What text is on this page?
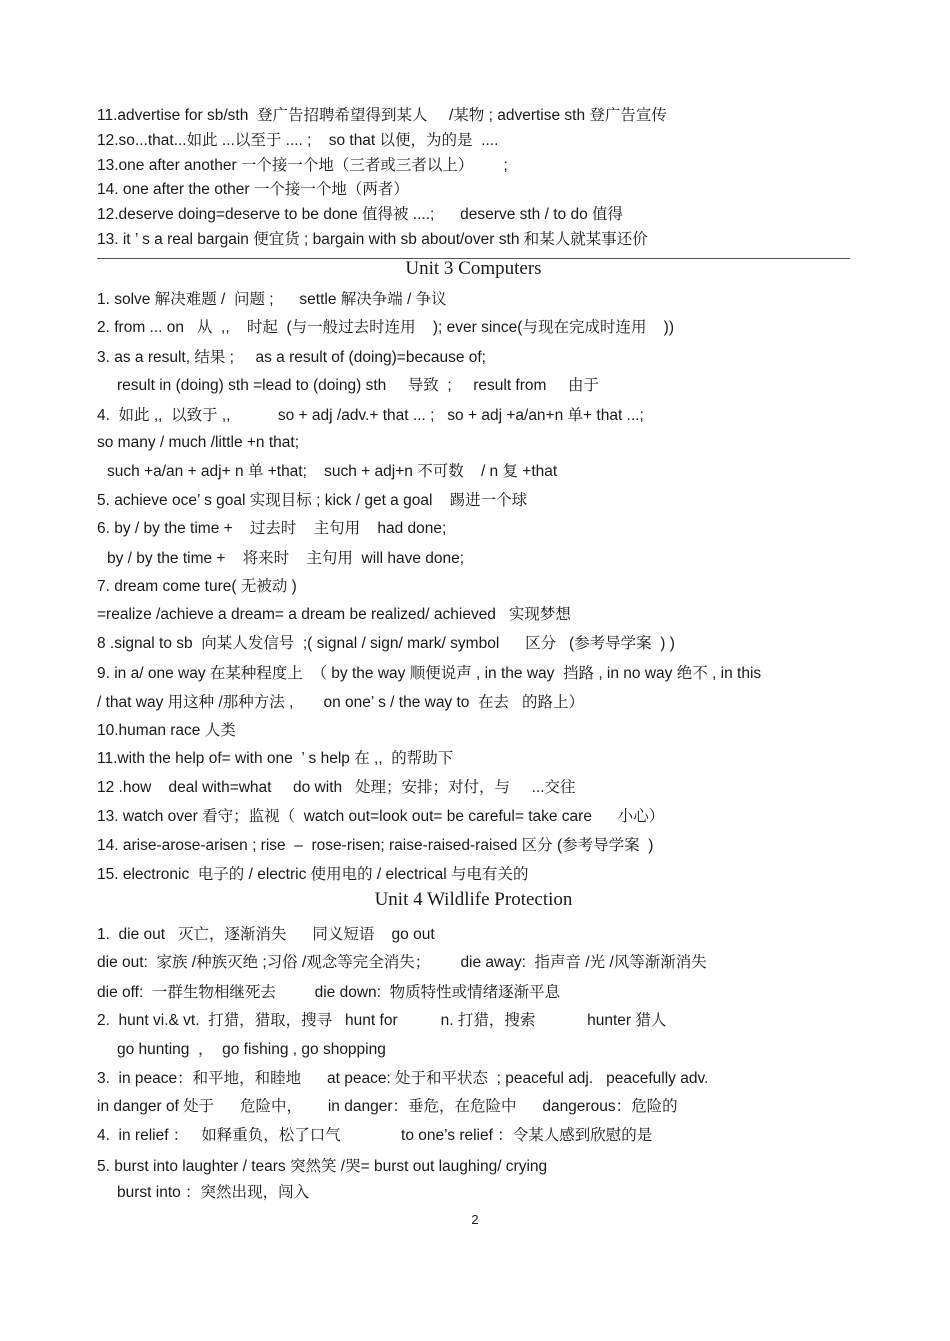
11.advertise for sb/sth  登广告招聘希望得到某人     /某物 ; advertise sth 登广告宣传
12.so...that...如此 ...以至于 .... ;    so that 以便，为的是  ....
13.one after another 一个接一个地（三者或三者以上）       ;
14. one after the other 一个接一个地（两者）
12.deserve doing=deserve to be done 值得被 ....;      deserve sth / to do 值得
13. it ’ s a real bargain 便宜货 ; bargain with sb about/over sth 和某人就某事还价
Unit 3 Computers
1. solve 解决难题 /  问题 ;      settle 解决争端 / 争议
2. from ... on   从  ,,    时起  (与一般过去时连用    ); ever since(与现在完成时连用    ))
3. as a result, 结果 ;     as a result of (doing)=because of;
result in (doing) sth =lead to (doing) sth     导致  ;     result from     由于
4.  如此 ,,  以致于 ,,           so + adj /adv.+ that ... ;   so + adj +a/an+n 单+ that ...;
so many / much /little +n that;
such +a/an + adj+ n 单 +that;    such + adj+n 不可数    / n 复 +that
5. achieve oce’ s goal 实现目标 ; kick / get a goal    踢进一个球
6. by / by the time +    过去时    主句用    had done;
by / by the time +    将来时    主句用  will have done;
7. dream come ture( 无被动 )
=realize /achieve a dream= a dream be realized/ achieved   实现梦想
8 .signal to sb  向某人发信号  ;( signal / sign/ mark/ symbol      区分   (参考导学案  ) )
9. in a/ one way 在某种程度上  （ by the way 顺便说声 , in the way  挡路 , in no way 绝不 , in this
/ that way 用这种 /那种方法 ,       on one’ s / the way to  在去   的路上）
10.human race 人类
11.with the help of= with one  ’ s help 在 ,,  的帮助下
12 .how    deal with=what     do with   处理；安排；对付，与     ...交往
13. watch over 看守；监视（  watch out=look out= be careful= take care      小心）
14. arise-arose-arisen ; rise  –  rose-risen; raise-raised-raised 区分 (参考导学案  )
15. electronic  电子的 / electric 使用电的 / electrical 与电有关的
Unit 4 Wildlife Protection
1.  die out   灭亡，逐渐消失      同义短语    go out
die out:  家族 /种族灭绝 ;习俗 /观念等完全消失；       die away:  指声音 /光 /风等渐渐消失
die off:  一群生物相继死去         die down:  物质特性或情绪逐渐平息
2.  hunt vi.& vt.  打猎，猎取，搜寻   hunt for          n. 打猎，搜索            hunter 猎人
go hunting  ，  go fishing , go shopping
3.  in peace：和平地，和睦地      at peace: 处于和平状态  ; peaceful adj.   peacefully adv.
in danger of 处于      危险中，      in danger：垂危，在危险中      dangerous：危险的
4.  in relief ：   如释重负，松了口气              to one’s relief ：令某人感到欣慰的是
5. burst into laughter / tears 突然笑 /哭= burst out laughing/ crying
burst into ：突然出现，闯入
2
